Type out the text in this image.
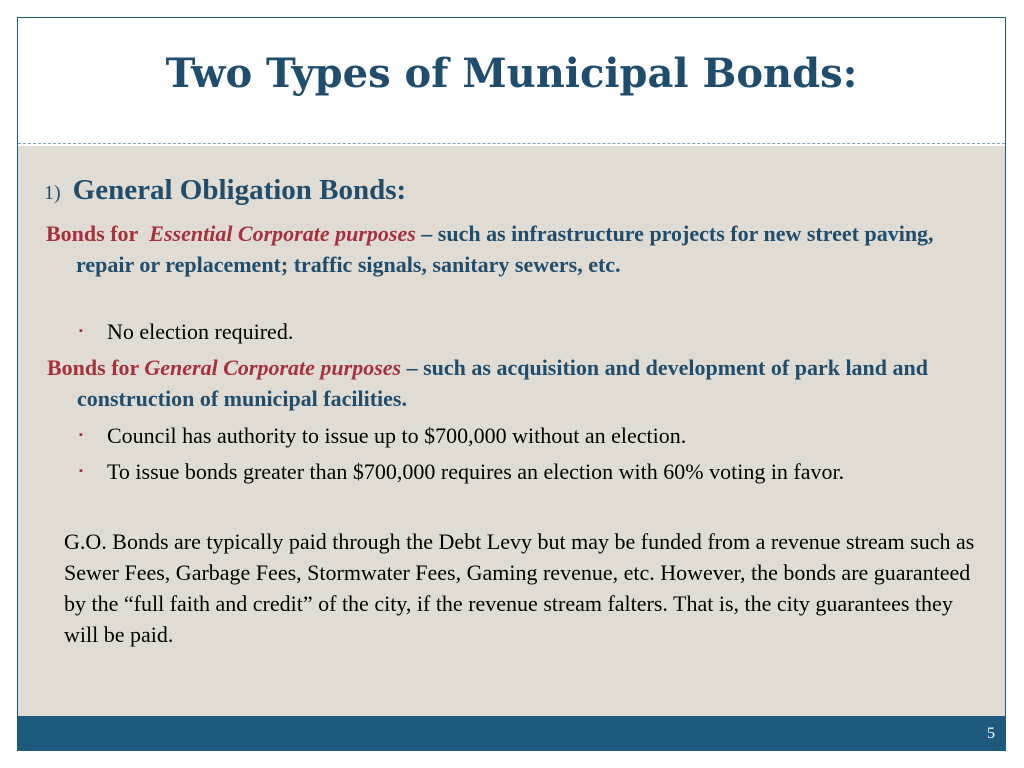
Two Types of Municipal Bonds:

1) General Obligation Bonds:

Bonds for Essential Corporate purposes – such as infrastructure projects for new street paving, repair or replacement; traffic signals, sanitary sewers, etc.

▪ No election required.

Bonds for General Corporate purposes – such as acquisition and development of park land and construction of municipal facilities.

▪ Council has authority to issue up to $700,000 without an election.

▪ To issue bonds greater than $700,000 requires an election with 60% voting in favor.

G.O. Bonds are typically paid through the Debt Levy but may be funded from a revenue stream such as Sewer Fees, Garbage Fees, Stormwater Fees, Gaming revenue, etc. However, the bonds are guaranteed by the “full faith and credit” of the city, if the revenue stream falters. That is, the city guarantees they will be paid.

5
